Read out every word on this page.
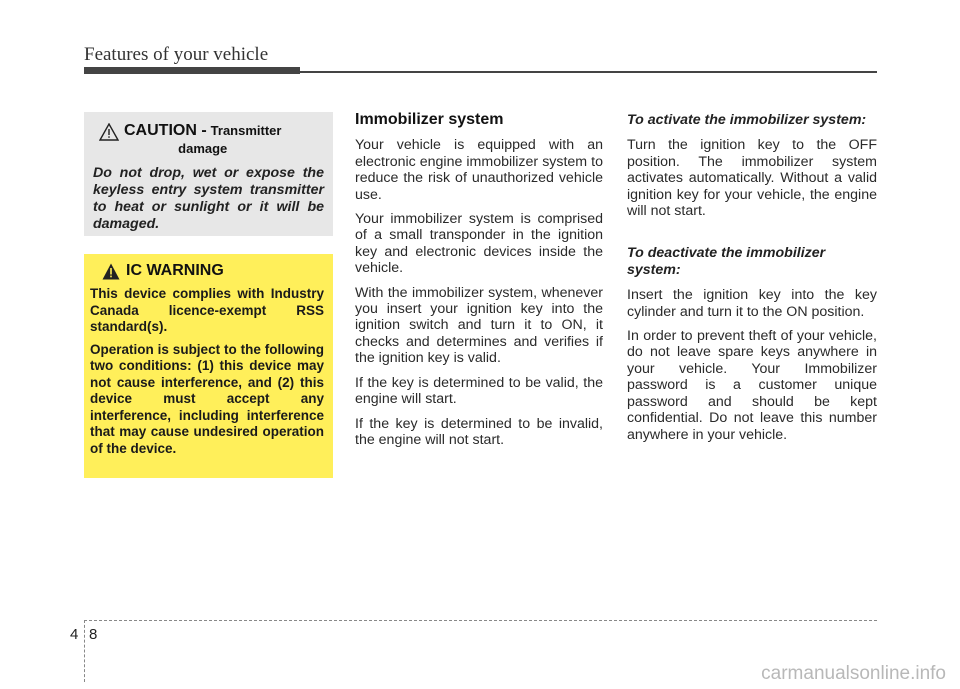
Features of your vehicle
CAUTION - Transmitter
damage

Do not drop, wet or expose the keyless entry system transmitter to heat or sunlight or it will be damaged.

IC WARNING

This device complies with Industry Canada licence-exempt RSS standard(s).

Operation is subject to the following two conditions: (1) this device may not cause interference, and (2) this device must accept any interference, including interference that may cause undesired operation of the device.

Immobilizer system

Your vehicle is equipped with an electronic engine immobilizer system to reduce the risk of unauthorized vehicle use.

Your immobilizer system is comprised of a small transponder in the ignition key and electronic devices inside the vehicle.

With the immobilizer system, whenever you insert your ignition key into the ignition switch and turn it to ON, it checks and determines and verifies if the ignition key is valid.

If the key is determined to be valid, the engine will start.

If the key is determined to be invalid, the engine will not start.

To activate the immobilizer system:

Turn the ignition key to the OFF position. The immobilizer system activates automatically. Without a valid ignition key for your vehicle, the engine will not start.

To deactivate the immobilizer system:

Insert the ignition key into the key cylinder and turn it to the ON position.

In order to prevent theft of your vehicle, do not leave spare keys anywhere in your vehicle. Your Immobilizer password is a customer unique password and should be kept confidential. Do not leave this number anywhere in your vehicle.

4 8
carmanualsonline.info
